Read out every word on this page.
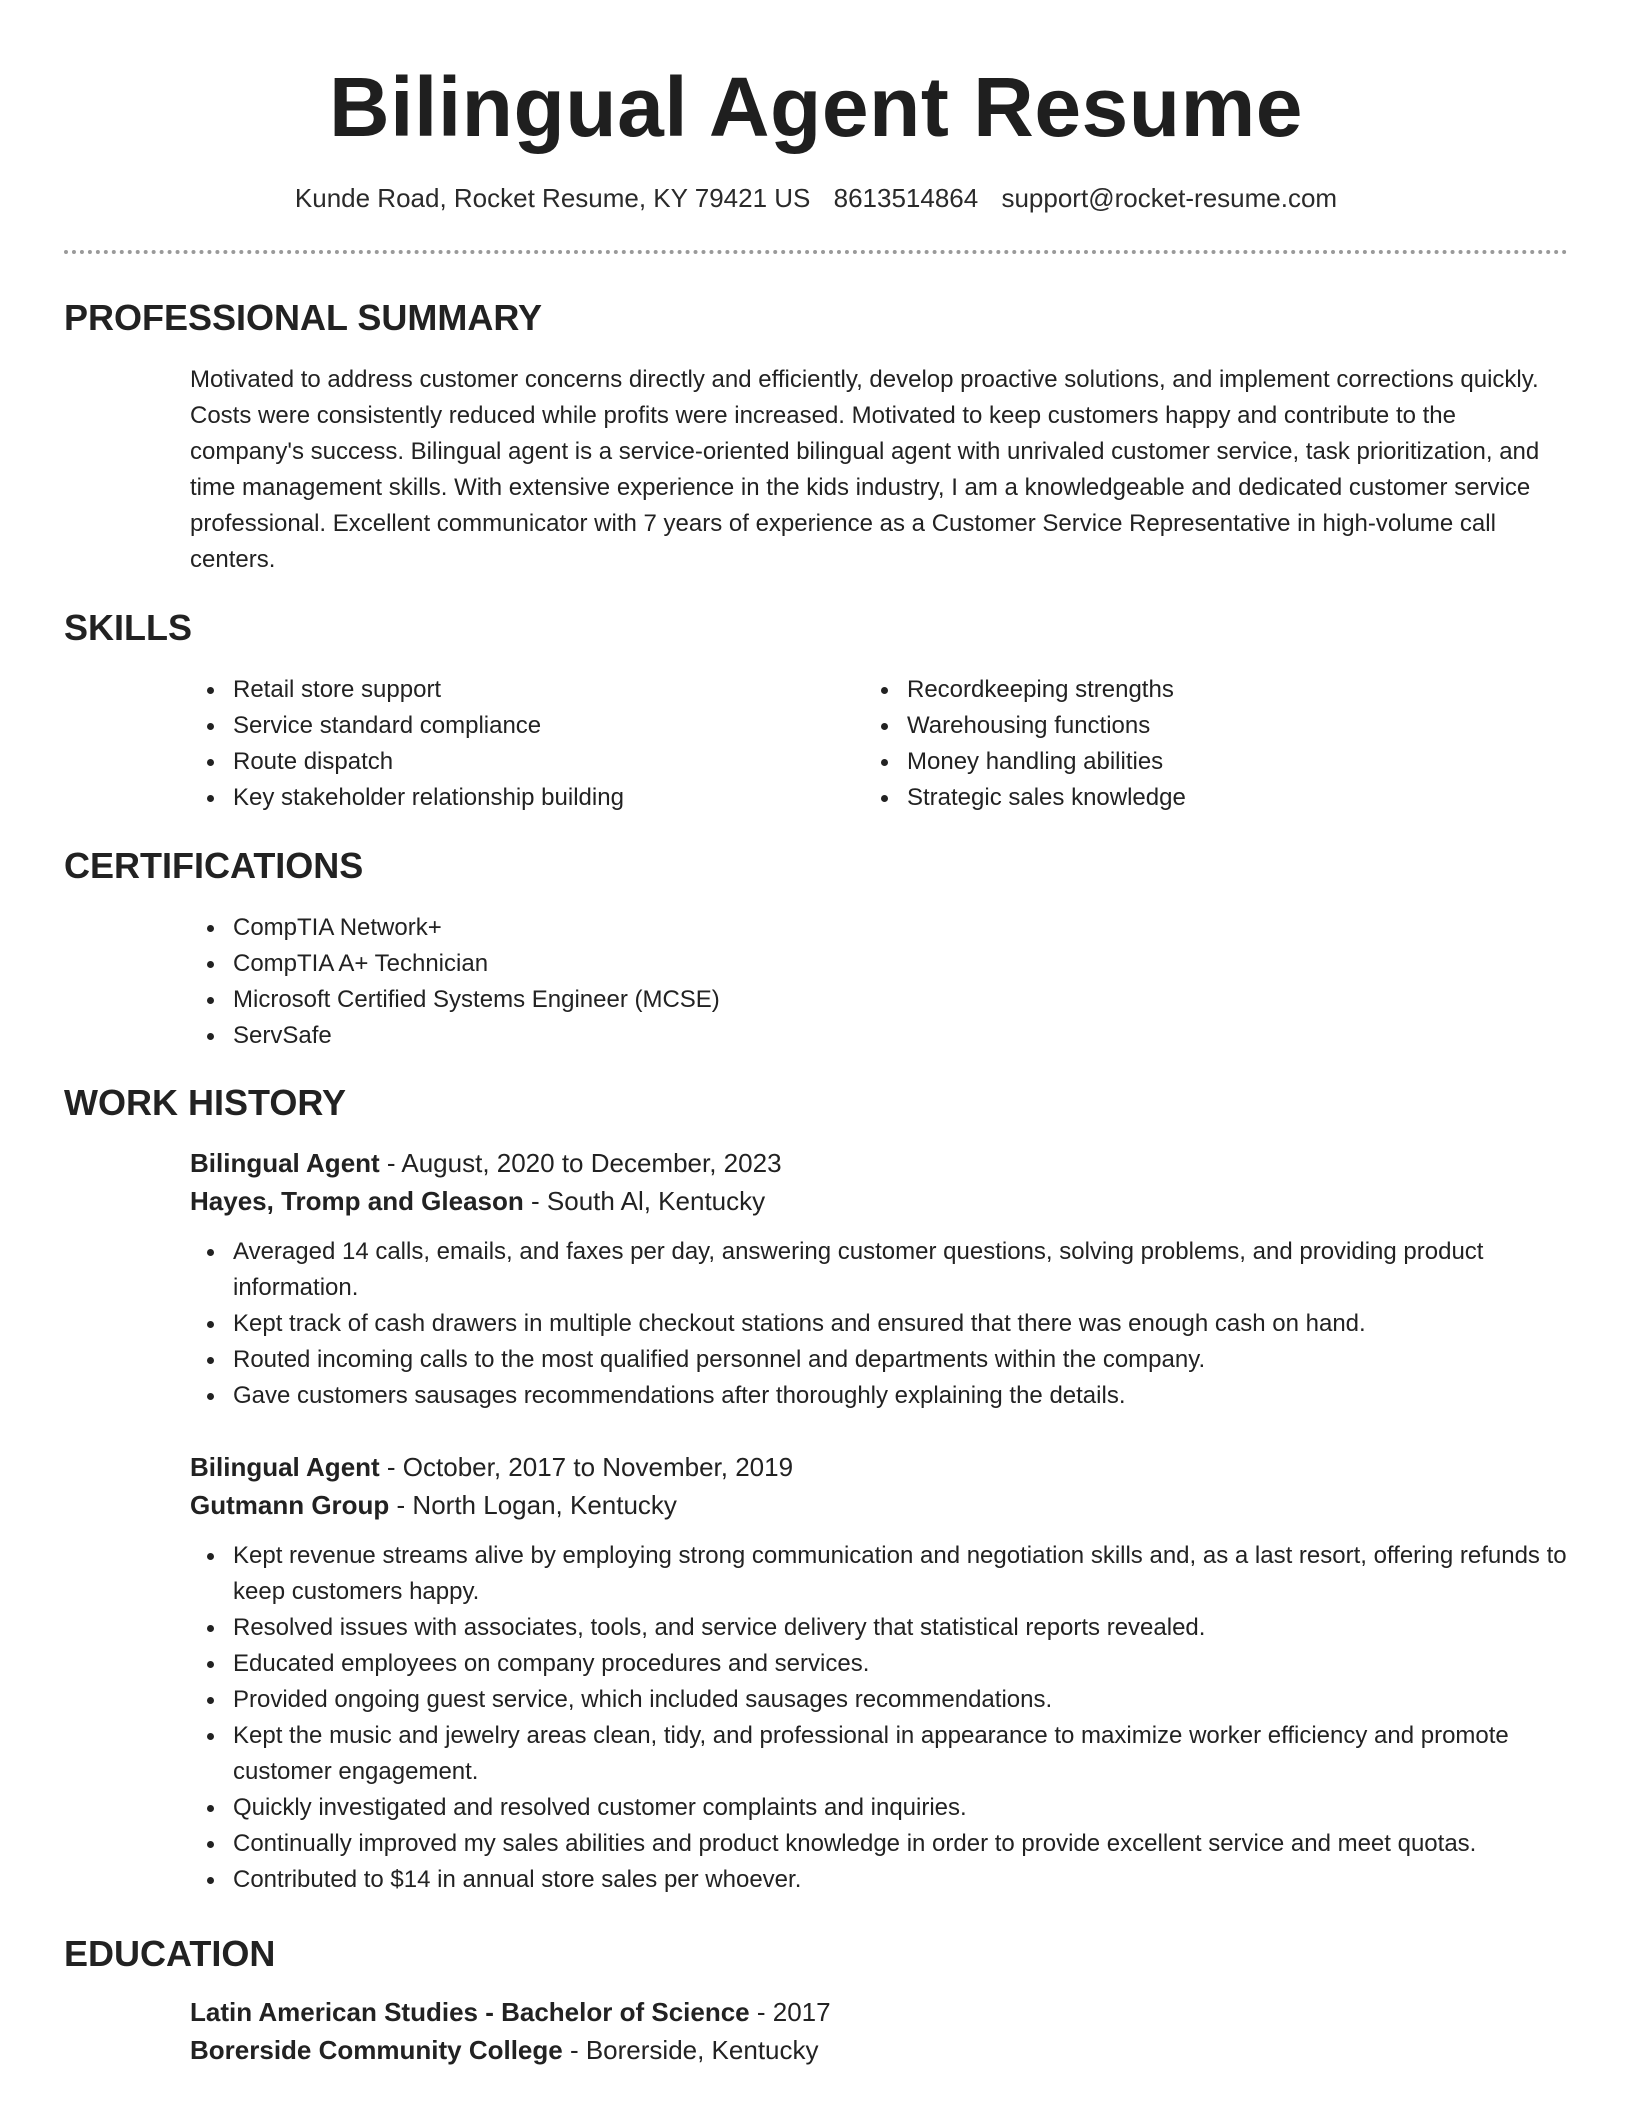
Bilingual Agent Resume
Kunde Road, Rocket Resume, KY 79421 US 8613514864 support@rocket-resume.com
PROFESSIONAL SUMMARY
Motivated to address customer concerns directly and efficiently, develop proactive solutions, and implement corrections quickly. Costs were consistently reduced while profits were increased. Motivated to keep customers happy and contribute to the company's success. Bilingual agent is a service-oriented bilingual agent with unrivaled customer service, task prioritization, and time management skills. With extensive experience in the kids industry, I am a knowledgeable and dedicated customer service professional. Excellent communicator with 7 years of experience as a Customer Service Representative in high-volume call centers.
SKILLS
Retail store support
Service standard compliance
Route dispatch
Key stakeholder relationship building
Recordkeeping strengths
Warehousing functions
Money handling abilities
Strategic sales knowledge
CERTIFICATIONS
CompTIA Network+
CompTIA A+ Technician
Microsoft Certified Systems Engineer (MCSE)
ServSafe
WORK HISTORY
Bilingual Agent - August, 2020 to December, 2023
Hayes, Tromp and Gleason - South Al, Kentucky
Averaged 14 calls, emails, and faxes per day, answering customer questions, solving problems, and providing product information.
Kept track of cash drawers in multiple checkout stations and ensured that there was enough cash on hand.
Routed incoming calls to the most qualified personnel and departments within the company.
Gave customers sausages recommendations after thoroughly explaining the details.
Bilingual Agent - October, 2017 to November, 2019
Gutmann Group - North Logan, Kentucky
Kept revenue streams alive by employing strong communication and negotiation skills and, as a last resort, offering refunds to keep customers happy.
Resolved issues with associates, tools, and service delivery that statistical reports revealed.
Educated employees on company procedures and services.
Provided ongoing guest service, which included sausages recommendations.
Kept the music and jewelry areas clean, tidy, and professional in appearance to maximize worker efficiency and promote customer engagement.
Quickly investigated and resolved customer complaints and inquiries.
Continually improved my sales abilities and product knowledge in order to provide excellent service and meet quotas.
Contributed to $14 in annual store sales per whoever.
EDUCATION
Latin American Studies - Bachelor of Science - 2017
Borerside Community College - Borerside, Kentucky
